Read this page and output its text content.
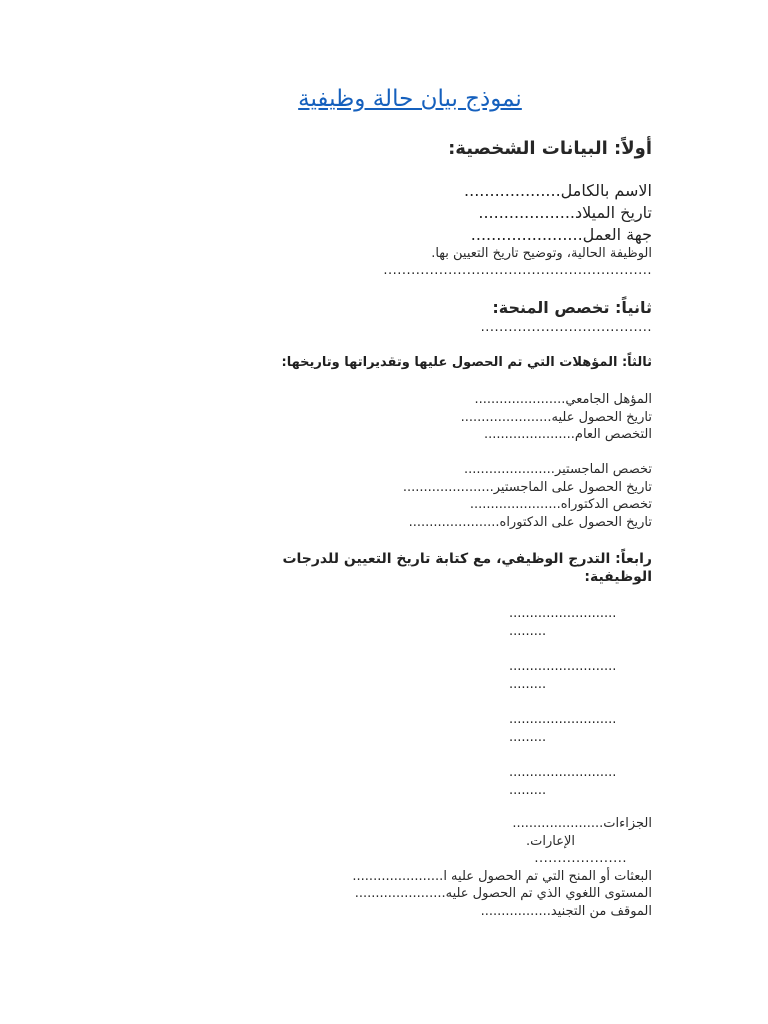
نموذج بيان حالة وظيفية
أولاً: البيانات الشخصية:
الاسم بالكامل...................
تاريخ الميلاد...................
جهة العمل......................
الوظيفة الحالية، وتوضيح تاريخ التعيين بها.
..........................................................
ثانياً: تخصص المنحة:
.....................................
ثالثاً: المؤهلات التي تم الحصول عليها وتقديراتها وتاريخها:
المؤهل الجامعي......................
تاريخ الحصول عليه......................
التخصص العام......................
تخصص الماجستير......................
تاريخ الحصول على الماجستير......................
تخصص الدكتوراه......................
تاريخ الحصول على الدكتوراه......................
رابعاً: التدرج الوظيفي، مع كتابة تاريخ التعيين للدرجات الوظيفية:
..........................
.........
..........................
.........
..........................
.........
..........................
.........
الجزاءات......................
الإعارات.
....................
البعثات أو المنح التي تم الحصول عليه ا......................
المستوى اللغوي الذي تم الحصول عليه......................
الموقف من التجنيد.................
